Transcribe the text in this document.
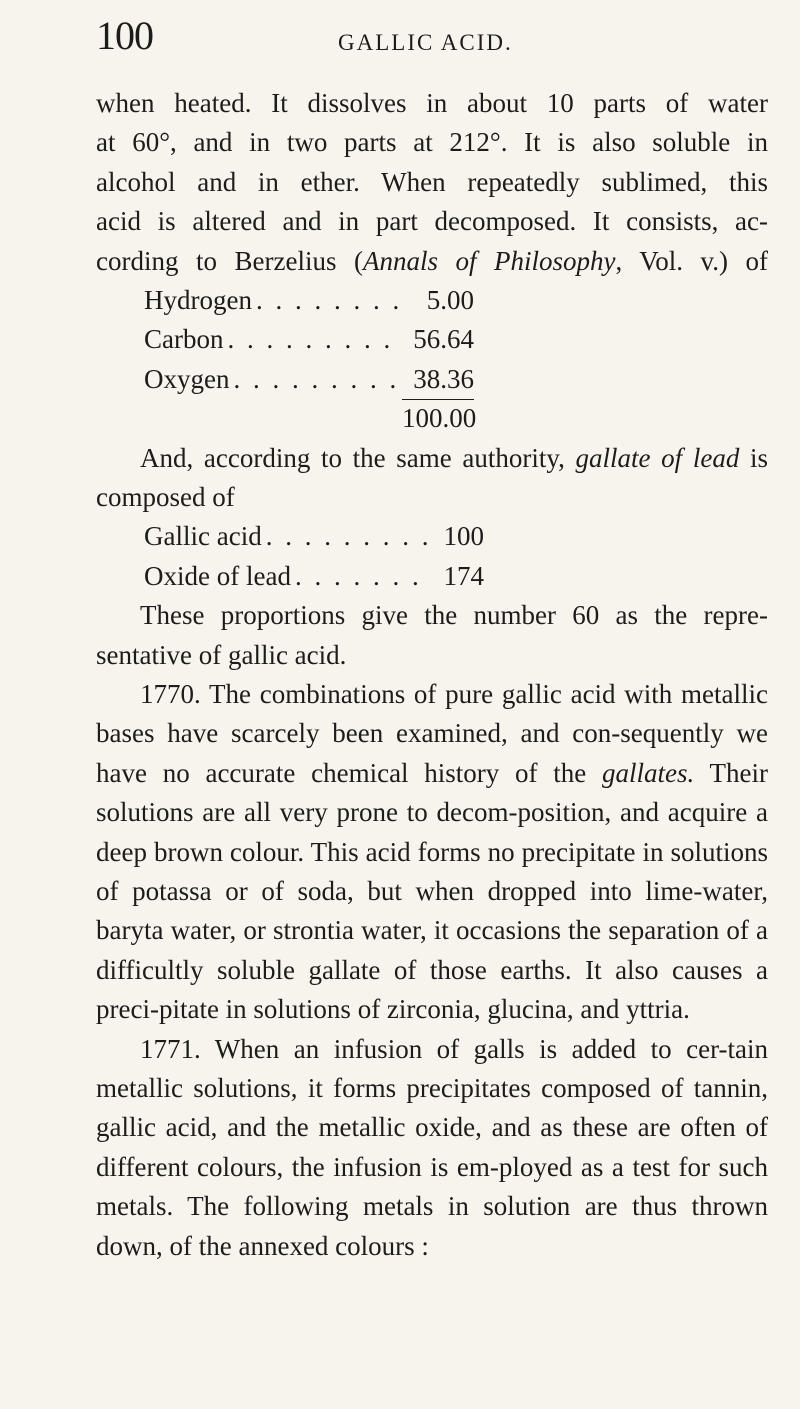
100	GALLIC ACID.
when heated. It dissolves in about 10 parts of water
at 60°, and in two parts at 212°. It is also soluble in
alcohol and in ether. When repeatedly sublimed, this
acid is altered and in part decomposed. It consists, ac-
cording to Berzelius (Annals of Philosophy, Vol. v.) of
Hydrogen . . .	5.00
Carbon . . .	56.64
Oxygen . . .	38.36
100.00
And, according to the same authority, gallate of lead is composed of
Gallic acid . . .	100
Oxide of lead . . .	174

These proportions give the number 60 as the repre-sentative of gallic acid.

1770. The combinations of pure gallic acid with metallic bases have scarcely been examined, and con-sequently we have no accurate chemical history of the gallates. Their solutions are all very prone to decom-position, and acquire a deep brown colour. This acid forms no precipitate in solutions of potassa or of soda, but when dropped into lime-water, baryta water, or strontia water, it occasions the separation of a difficultly soluble gallate of those earths. It also causes a preci-pitate in solutions of zirconia, glucina, and yttria.

1771. When an infusion of galls is added to cer-tain metallic solutions, it forms precipitates composed of tannin, gallic acid, and the metallic oxide, and as these are often of different colours, the infusion is em-ployed as a test for such metals. The following metals in solution are thus thrown down, of the annexed colours :
